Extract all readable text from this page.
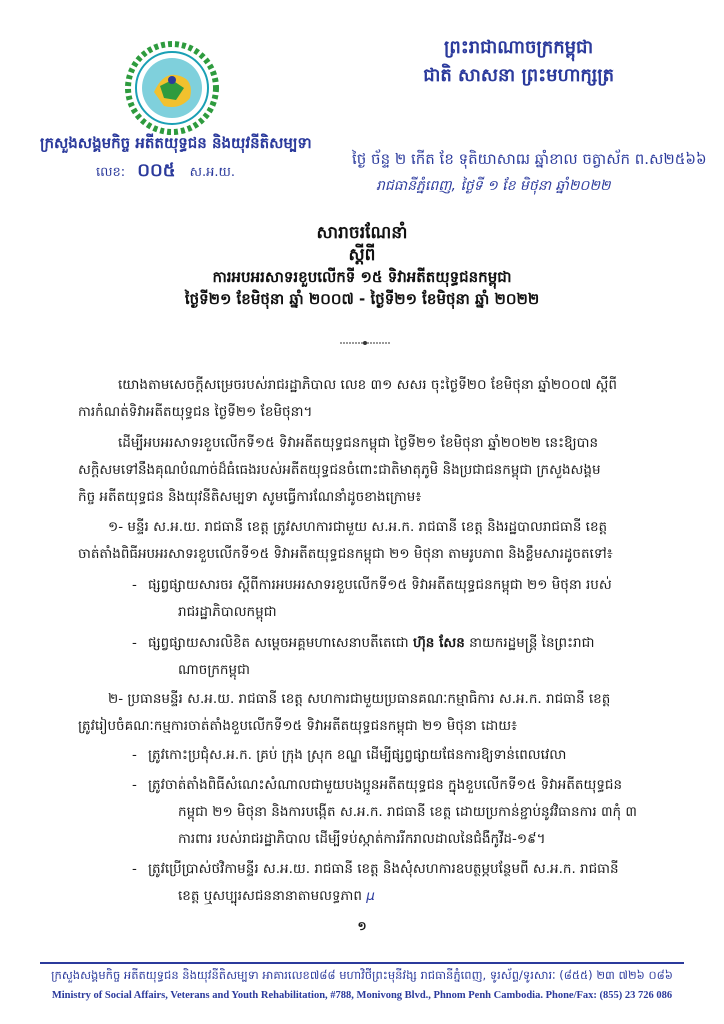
ក្រសួងសង្គមកិច្ច អតីតយុទ្ធជន និងយុវនីតិសម្បទា
លេខ: ០០៥ ស.អ.យ.
ព្រះរាជាណាចក្រកម្ពុជា
ជាតិ សាសនា ព្រះមហាក្សត្រ
ថ្ងៃ ច័ន្ទ ២ កើត ខែ ទុតិយាសាឍ ឆ្នាំខាល ចត្វាស័ក ព.ស២៥៦៦
រាជធានីភ្នំពេញ, ថ្ងៃទី ១ ខែ មិថុនា ឆ្នាំ២០២២
សារាចរណែនាំ
ស្តីពី
ការអបអរសាទរខួបលើកទី ១៥ ទិវាអតីតយុទ្ធជនកម្ពុជា
ថ្ងៃទី២១ ខែមិថុនា ឆ្នាំ ២០០៧ - ថ្ងៃទី២១ ខែមិថុនា ឆ្នាំ ២០២២
យោងតាមសេចក្តីសម្រេចរបស់រាជរដ្ឋាភិបាល លេខ ៣១ សសរ ចុះថ្ងៃទី២០ ខែមិថុនា ឆ្នាំ២០០៧ ស្តីពី
ការកំណត់ទិវាអតីតយុទ្ធជន ថ្ងៃទី២១ ខែមិថុនា។
ដើម្បីអបអរសាទរខួបលើកទី១៥ ទិវាអតីតយុទ្ធជនកម្ពុជា ថ្ងៃទី២១ ខែមិថុនា ឆ្នាំ២០២២ នេះឱ្យបាន
សក្តិសមទៅនឹងគុណបំណាច់ដ៏ធំធេងរបស់អតីតយុទ្ធជនចំពោះជាតិមាតុភូមិ និងប្រជាជនកម្ពុជា ក្រសួងសង្គម
កិច្ច អតីតយុទ្ធជន និងយុវនីតិសម្បទា សូមធ្វើការណែនាំដូចខាងក្រោម៖
១- មន្ទីរ ស.អ.យ. រាជធានី ខេត្ត ត្រូវសហការជាមួយ ស.អ.ក. រាជធានី ខេត្ត និងរដ្ឋបាលរាជធានី ខេត្ត
ចាត់តាំងពិធីអបអរសាទរខួបលើកទី១៥ ទិវាអតីតយុទ្ធជនកម្ពុជា ២១ មិថុនា តាមរូបភាព និងខ្លឹមសារដូចតទៅ៖
- ផ្សព្វផ្សាយសារចរ ស្តីពីការអបអរសាទរខួបលើកទី១៥ ទិវាអតីតយុទ្ធជនកម្ពុជា ២១ មិថុនា របស់
រាជរដ្ឋាភិបាលកម្ពុជា
- ផ្សព្វផ្សាយសារលិខិត សម្តេចអគ្គមហាសេនាបតីតេជោ ហ៊ុន សែន នាយករដ្ឋមន្ត្រី នៃព្រះរាជា
ណាចក្រកម្ពុជា
២- ប្រធានមន្ទីរ ស.អ.យ. រាជធានី ខេត្ត សហការជាមួយប្រធានគណៈកម្មាធិការ ស.អ.ក. រាជធានី ខេត្ត
ត្រូវរៀបចំគណៈកម្មការចាត់តាំងខួបលើកទី១៥ ទិវាអតីតយុទ្ធជនកម្ពុជា ២១ មិថុនា ដោយ៖
- ត្រូវកោះប្រជុំស.អ.ក. គ្រប់ ក្រុង ស្រុក ខណ្ឌ ដើម្បីផ្សព្វផ្សាយផែនការឱ្យទាន់ពេលវេលា
- ត្រូវចាត់តាំងពិធីសំណេះសំណាលជាមួយបងប្អូនអតីតយុទ្ធជន ក្នុងខួបលើកទី១៥ ទិវាអតីតយុទ្ធជន
កម្ពុជា ២១ មិថុនា និងការបង្កើត ស.អ.ក. រាជធានី ខេត្ត ដោយប្រកាន់ខ្ជាប់នូវវិធានការ ៣កុំ ៣
ការពារ របស់រាជរដ្ឋាភិបាល ដើម្បីទប់ស្កាត់ការរីករាលដាលនៃជំងឺកូវីដ-១៩។
- ត្រូវប្រើប្រាស់ថវិកាមន្ទីរ ស.អ.យ. រាជធានី ខេត្ត និងសុំសហការឧបត្ថម្ភបន្ថែមពី ស.អ.ក. រាជធានី
ខេត្ត ឬសប្បុរសជននានាតាមលទ្ធភាព μ
១
ក្រសួងសង្គមកិច្ច អតីតយុទ្ធជន និងយុវនីតិសម្បទា អាគារលេខ៧៨៨ មហាវិថីព្រះមុនីវង្ស រាជធានីភ្នំពេញ, ទូរស័ព្ទ/ទូរសារៈ (៨៥៥) ២៣ ៧២៦ ០៨៦
Ministry of Social Affairs, Veterans and Youth Rehabilitation, #788, Monivong Blvd., Phnom Penh Cambodia. Phone/Fax: (855) 23 726 086
